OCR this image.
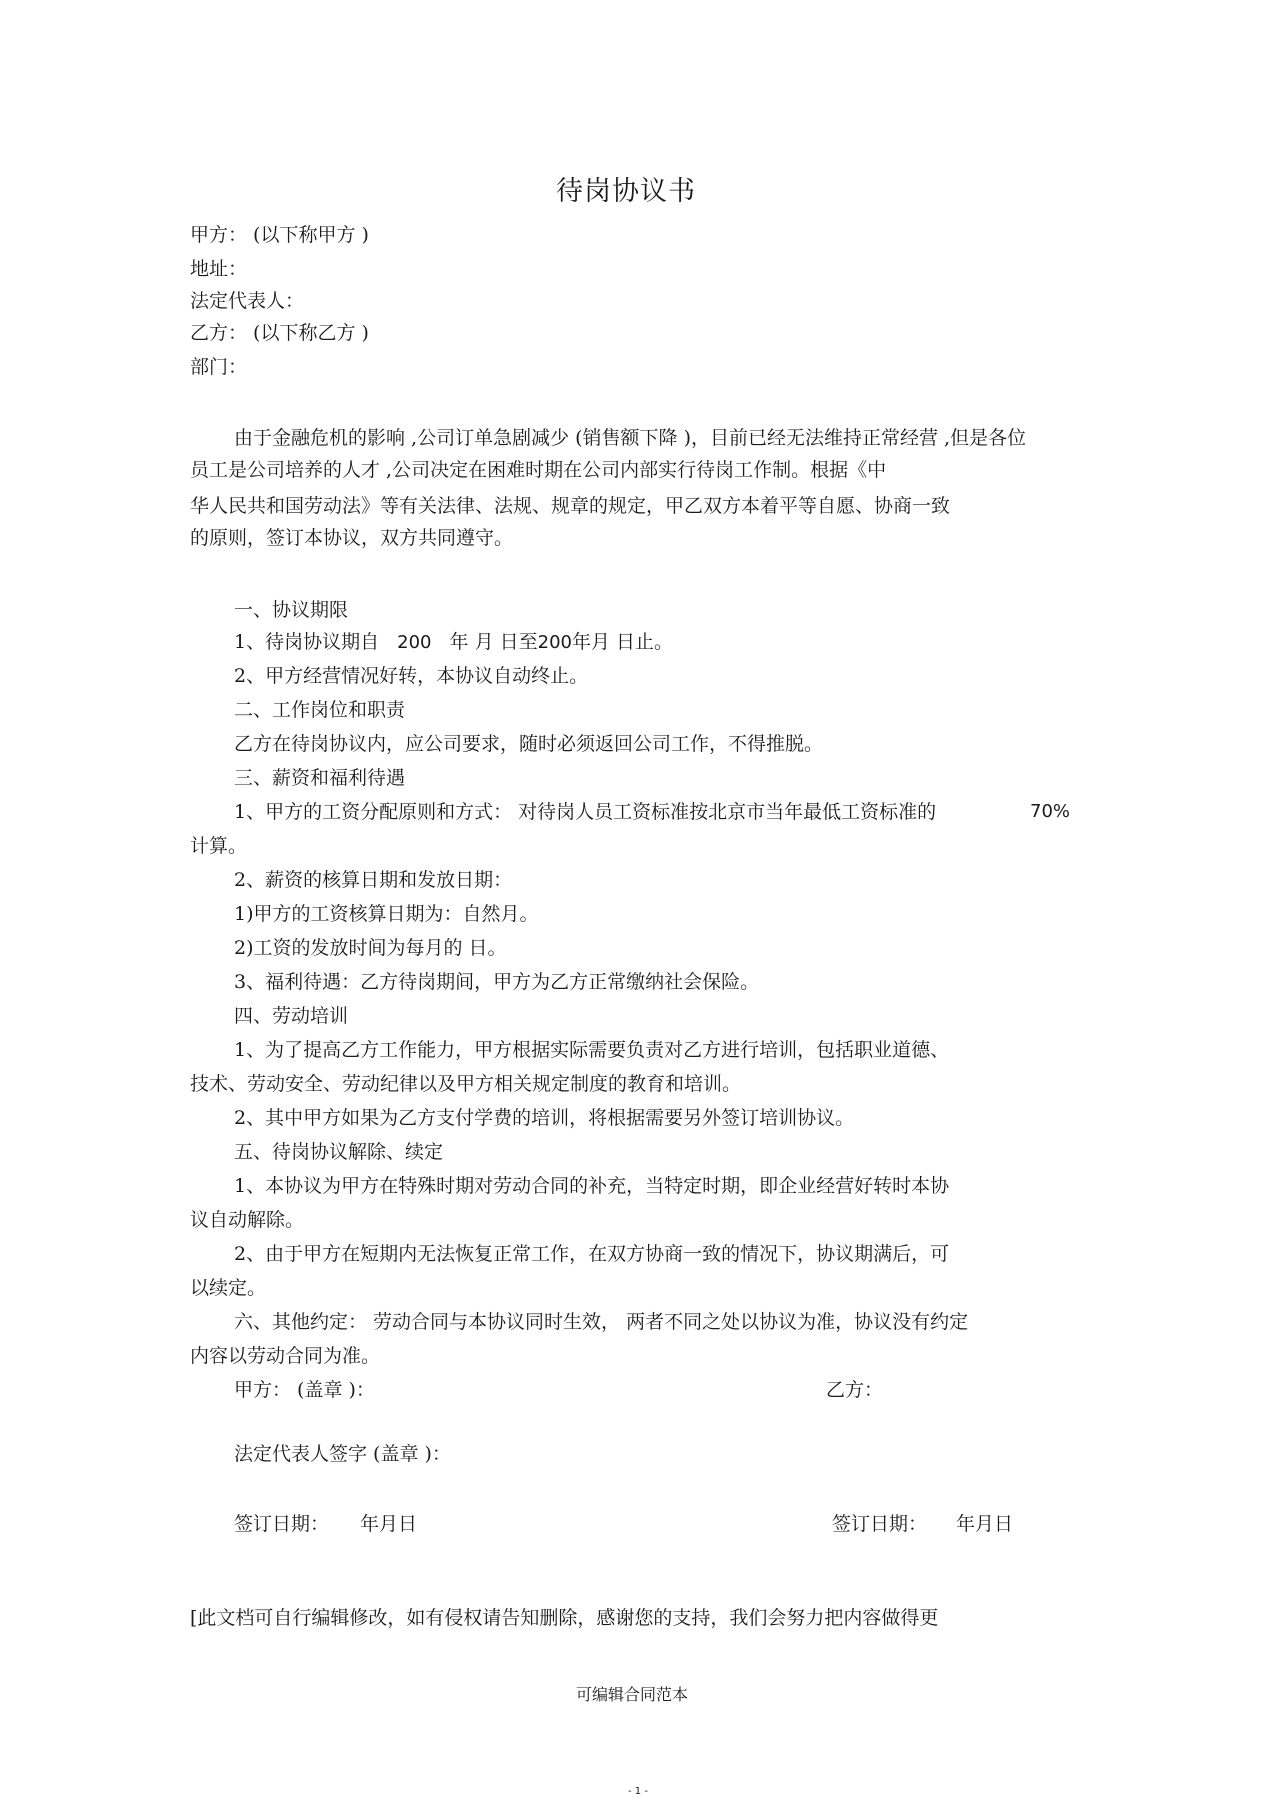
待岗协议书
甲方： (以下称甲方 )
地址：
法定代表人：
乙方： (以下称乙方 )
部门：
由于金融危机的影响 ,公司订单急剧减少 (销售额下降 )，目前已经无法维持正常经营 ,但是各位
员工是公司培养的人才 ,公司决定在困难时期在公司内部实行待岗工作制。根据《中
华人民共和国劳动法》等有关法律、法规、规章的规定，甲乙双方本着平等自愿、协商一致
的原则，签订本协议，双方共同遵守。
一、协议期限
1、待岗协议期自 200 年 月 日至200年月 日止。
2、甲方经营情况好转，本协议自动终止。
二、工作岗位和职责
乙方在待岗协议内，应公司要求，随时必须返回公司工作，不得推脱。
三、薪资和福利待遇
1、甲方的工资分配原则和方式： 对待岗人员工资标准按北京市当年最低工资标准的	70%
计算。
2、薪资的核算日期和发放日期：
1)甲方的工资核算日期为：自然月。
2)工资的发放时间为每月的 日。
3、福利待遇：乙方待岗期间，甲方为乙方正常缴纳社会保险。
四、劳动培训
1、为了提高乙方工作能力，甲方根据实际需要负责对乙方进行培训，包括职业道德、
技术、劳动安全、劳动纪律以及甲方相关规定制度的教育和培训。
2、其中甲方如果为乙方支付学费的培训，将根据需要另外签订培训协议。
五、待岗协议解除、续定
1、本协议为甲方在特殊时期对劳动合同的补充，当特定时期，即企业经营好转时本协
议自动解除。
2、由于甲方在短期内无法恢复正常工作，在双方协商一致的情况下，协议期满后，可
以续定。
六、其他约定： 劳动合同与本协议同时生效， 两者不同之处以协议为准，协议没有约定
内容以劳动合同为准。
甲方： (盖章 )：	乙方：
法定代表人签字 (盖章 )：
签订日期： 年月日	签订日期： 年月日
[此文档可自行编辑修改，如有侵权请告知删除，感谢您的支持，我们会努力把内容做得更
可编辑合同范本
- 1 -
